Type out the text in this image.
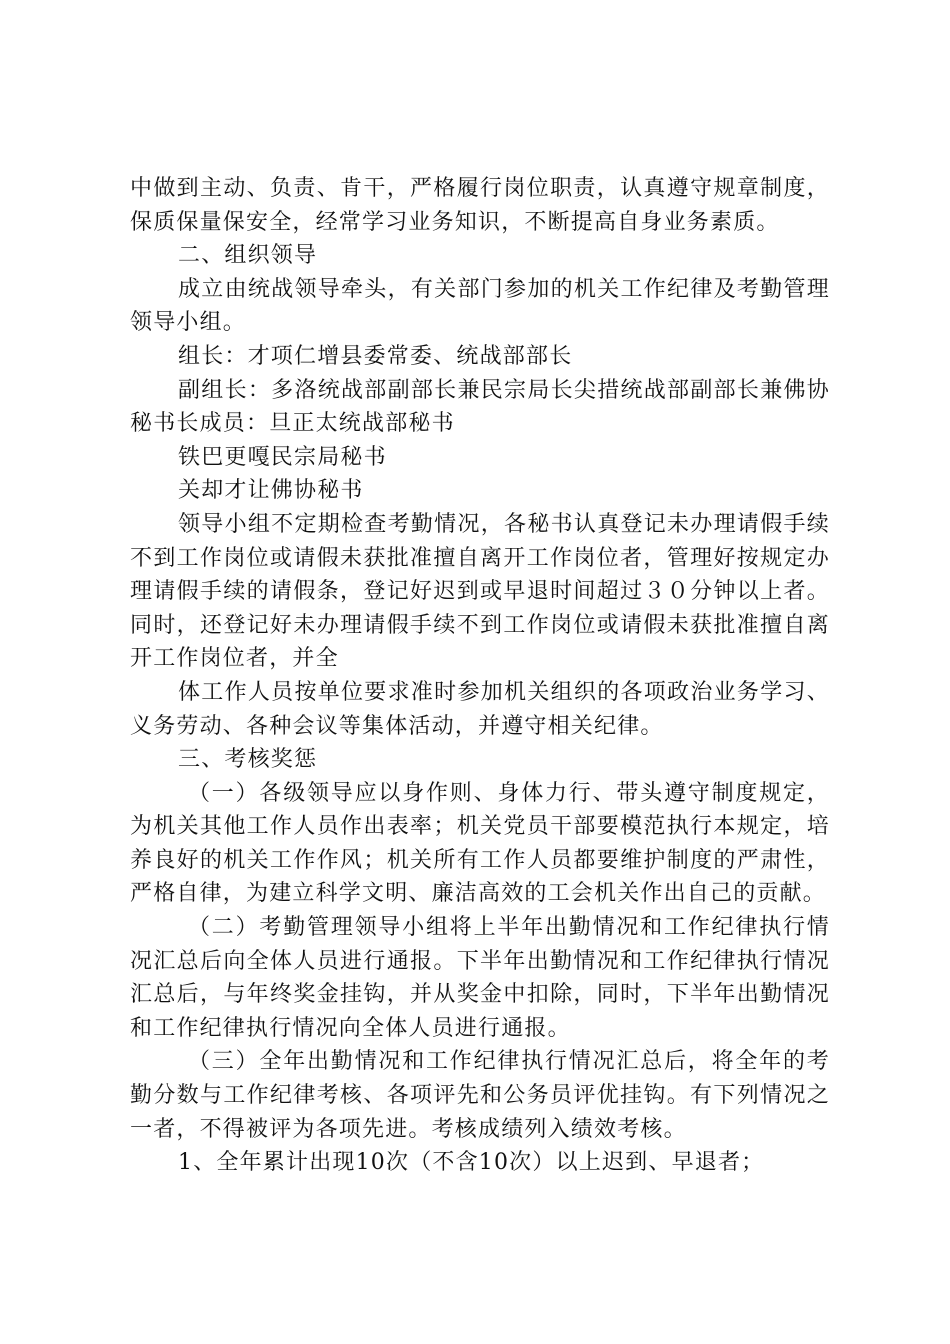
中做到主动、负责、肯干，严格履行岗位职责，认真遵守规章制度，保质保量保安全，经常学习业务知识，不断提高自身业务素质。

二、组织领导

成立由统战领导牵头，有关部门参加的机关工作纪律及考勤管理领导小组。

组长：才项仁增县委常委、统战部部长

副组长：多洛统战部副部长兼民宗局长尖措统战部副部长兼佛协秘书长成员：旦正太统战部秘书

铁巴更嘎民宗局秘书

关却才让佛协秘书

领导小组不定期检查考勤情况，各秘书认真登记未办理请假手续不到工作岗位或请假未获批准擅自离开工作岗位者，管理好按规定办理请假手续的请假条，登记好迟到或早退时间超过３０分钟以上者。同时，还登记好未办理请假手续不到工作岗位或请假未获批准擅自离开工作岗位者，并全

体工作人员按单位要求准时参加机关组织的各项政治业务学习、义务劳动、各种会议等集体活动，并遵守相关纪律。

三、考核奖惩

（一）各级领导应以身作则、身体力行、带头遵守制度规定，为机关其他工作人员作出表率；机关党员干部要模范执行本规定，培养良好的机关工作作风；机关所有工作人员都要维护制度的严肃性，严格自律，为建立科学文明、廉洁高效的工会机关作出自己的贡献。

（二）考勤管理领导小组将上半年出勤情况和工作纪律执行情况汇总后向全体人员进行通报。下半年出勤情况和工作纪律执行情况汇总后，与年终奖金挂钩，并从奖金中扣除，同时，下半年出勤情况和工作纪律执行情况向全体人员进行通报。

（三）全年出勤情况和工作纪律执行情况汇总后，将全年的考勤分数与工作纪律考核、各项评先和公务员评优挂钩。有下列情况之一者，不得被评为各项先进。考核成绩列入绩效考核。

1、全年累计出现10次（不含10次）以上迟到、早退者；
